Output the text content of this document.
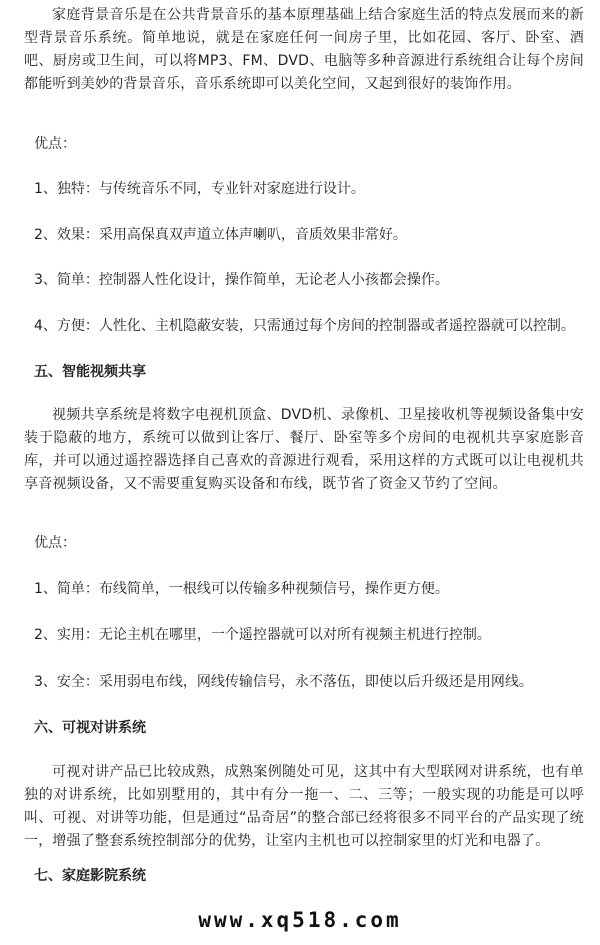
家庭背景音乐是在公共背景音乐的基本原理基础上结合家庭生活的特点发展而来的新型背景音乐系统。简单地说，就是在家庭任何一间房子里，比如花园、客厅、卧室、酒吧、厨房或卫生间，可以将MP3、FM、DVD、电脑等多种音源进行系统组合让每个房间都能听到美妙的背景音乐，音乐系统即可以美化空间，又起到很好的装饰作用。

优点：
1、独特：与传统音乐不同，专业针对家庭进行设计。
2、效果：采用高保真双声道立体声喇叭，音质效果非常好。
3、简单：控制器人性化设计，操作简单，无论老人小孩都会操作。
4、方便：人性化、主机隐蔽安装，只需通过每个房间的控制器或者遥控器就可以控制。
五、智能视频共享

视频共享系统是将数字电视机顶盒、DVD机、录像机、卫星接收机等视频设备集中安装于隐蔽的地方，系统可以做到让客厅、餐厅、卧室等多个房间的电视机共享家庭影音库，并可以通过遥控器选择自己喜欢的音源进行观看，采用这样的方式既可以让电视机共享音视频设备，又不需要重复购买设备和布线，既节省了资金又节约了空间。

优点：
1、简单：布线简单，一根线可以传输多种视频信号，操作更方便。
2、实用：无论主机在哪里，一个遥控器就可以对所有视频主机进行控制。
3、安全：采用弱电布线，网线传输信号，永不落伍，即使以后升级还是用网线。
六、可视对讲系统

可视对讲产品已比较成熟，成熟案例随处可见，这其中有大型联网对讲系统，也有单独的对讲系统，比如别墅用的，其中有分一拖一、二、三等；一般实现的功能是可以呼叫、可视、对讲等功能，但是通过“品奇居”的整合部已经将很多不同平台的产品实现了统一，增强了整套系统控制部分的优势，让室内主机也可以控制家里的灯光和电器了。

七、家庭影院系统
www.xq518.com
